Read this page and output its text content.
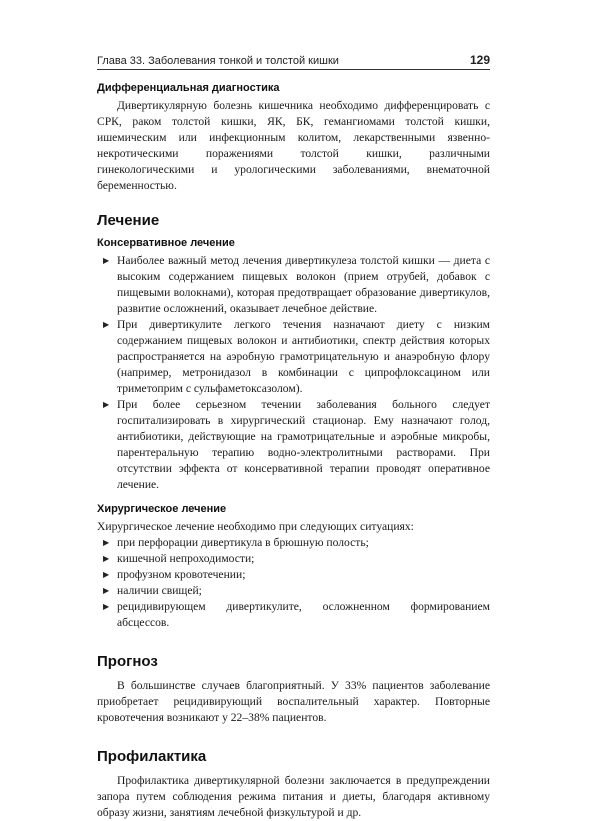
Глава 33. Заболевания тонкой и толстой кишки	129
Дифференциальная диагностика

Дивертикулярную болезнь кишечника необходимо дифференцировать с СРК, раком толстой кишки, ЯК, БК, гемангиомами толстой кишки, ишемическим или инфекционным колитом, лекарственными язвенно-некротическими поражениями толстой кишки, различными гинекологическими и урологическими заболеваниями, внематочной беременностью.

Лечение
Консервативное лечение
▶ Наиболее важный метод лечения дивертикулеза толстой кишки — диета с высоким содержанием пищевых волокон (прием отрубей, добавок с пищевыми волокнами), которая предотвращает образование дивертикулов, развитие осложнений, оказывает лечебное действие.
▶ При дивертикулите легкого течения назначают диету с низким содержанием пищевых волокон и антибиотики, спектр действия которых распространяется на аэробную грамотрицательную и анаэробную флору (например, метронидазол в комбинации с ципрофлоксацином или триметоприм с сульфаметоксазолом).
▶ При более серьезном течении заболевания больного следует госпитализировать в хирургический стационар. Ему назначают голод, антибиотики, действующие на грамотрицательные и аэробные микробы, парентеральную терапию водно-электролитными растворами. При отсутствии эффекта от консервативной терапии проводят оперативное лечение.
Хирургическое лечение

Хирургическое лечение необходимо при следующих ситуациях:

▶ при перфорации дивертикула в брюшную полость;
▶ кишечной непроходимости;
▶ профузном кровотечении;
▶ наличии свищей;
▶ рецидивирующем дивертикулите, осложненном формированием абсцессов.
Прогноз

В большинстве случаев благоприятный. У 33% пациентов заболевание приобретает рецидивирующий воспалительный характер. Повторные кровотечения возникают у 22–38% пациентов.

Профилактика

Профилактика дивертикулярной болезни заключается в предупреждении запора путем соблюдения режима питания и диеты, благодаря активному образу жизни, занятиям лечебной физкультурой и др.
